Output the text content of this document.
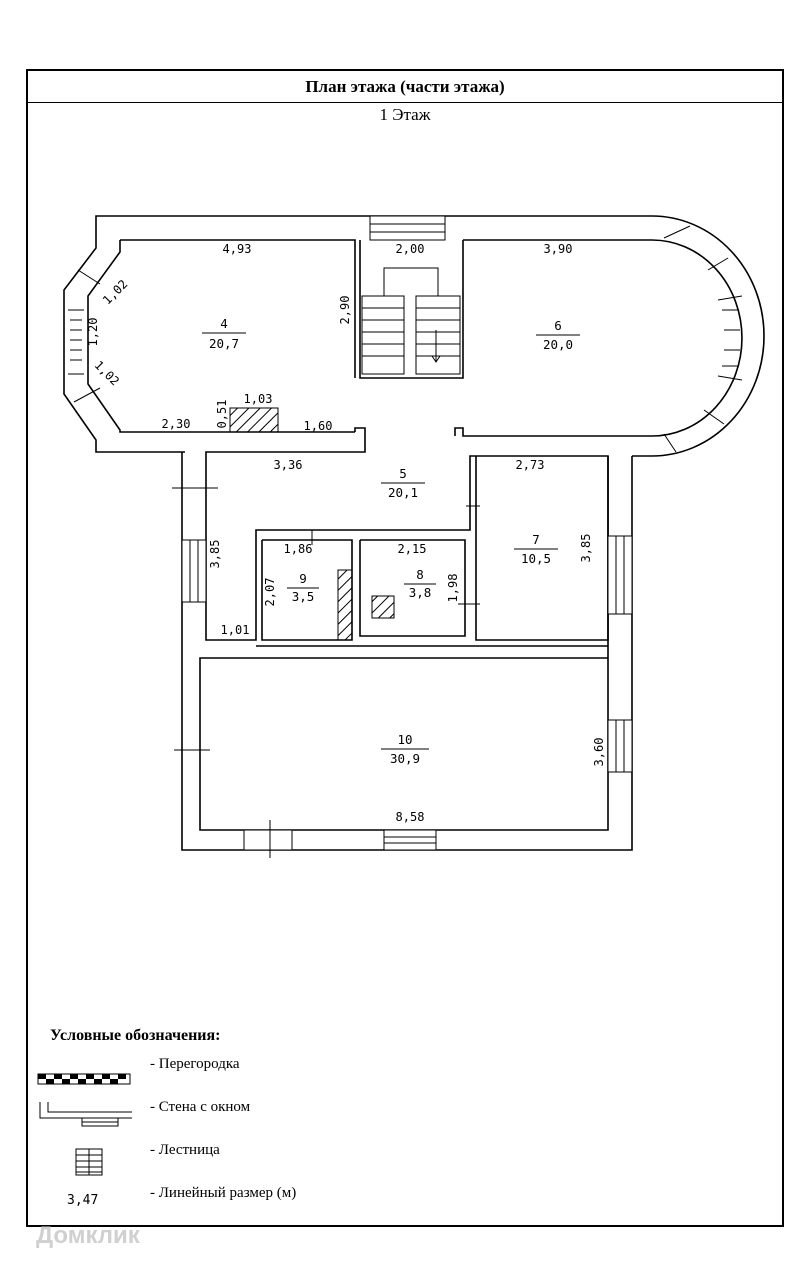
План этажа (части этажа)
1 Этаж
4
20,7
6
20,0
5
20,1
7
10,5
9
3,5
8
3,8
10
30,9
4,93	2,00	3,90
1,02
1,20
1,02
2,90
0,51
1,03
2,30	1,60
3,36	2,73
3,85	3,85
1,86	2,15
2,07	1,98
1,01
3,60
8,58
Условные обозначения:
- Перегородка
- Стена с окном
- Лестница
- Линейный размер (м)
3,47
Домклик
